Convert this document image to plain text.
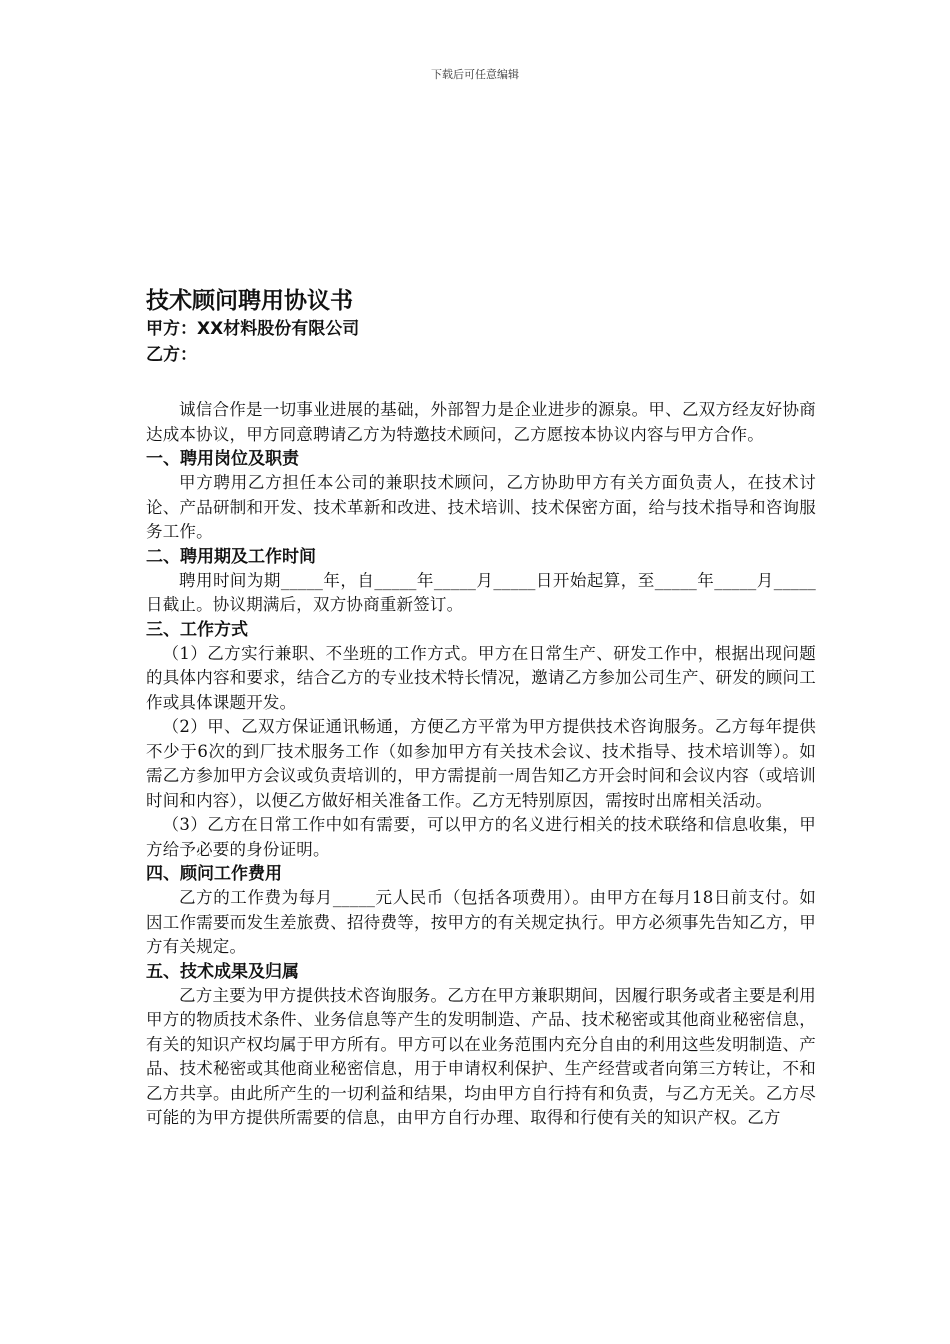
下载后可任意编辑
技术顾问聘用协议书

甲方：XX材料股份有限公司

乙方：

诚信合作是一切事业进展的基础，外部智力是企业进步的源泉。甲、乙双方经友好协商达成本协议，甲方同意聘请乙方为特邀技术顾问，乙方愿按本协议内容与甲方合作。

一、聘用岗位及职责

甲方聘用乙方担任本公司的兼职技术顾问，乙方协助甲方有关方面负责人，在技术讨论、产品研制和开发、技术革新和改进、技术培训、技术保密方面，给与技术指导和咨询服务工作。

二、聘用期及工作时间

聘用时间为期_____年，自_____年_____月_____日开始起算，至_____年_____月_____日截止。协议期满后，双方协商重新签订。

三、工作方式

（1）乙方实行兼职、不坐班的工作方式。甲方在日常生产、研发工作中，根据出现问题的具体内容和要求，结合乙方的专业技术特长情况，邀请乙方参加公司生产、研发的顾问工作或具体课题开发。

（2）甲、乙双方保证通讯畅通，方便乙方平常为甲方提供技术咨询服务。乙方每年提供不少于6次的到厂技术服务工作（如参加甲方有关技术会议、技术指导、技术培训等）。如需乙方参加甲方会议或负责培训的，甲方需提前一周告知乙方开会时间和会议内容（或培训时间和内容），以便乙方做好相关准备工作。乙方无特别原因，需按时出席相关活动。

（3）乙方在日常工作中如有需要，可以甲方的名义进行相关的技术联络和信息收集，甲方给予必要的身份证明。

四、顾问工作费用

乙方的工作费为每月_____元人民币（包括各项费用）。由甲方在每月18日前支付。如因工作需要而发生差旅费、招待费等，按甲方的有关规定执行。甲方必须事先告知乙方，甲方有关规定。

五、技术成果及归属

乙方主要为甲方提供技术咨询服务。乙方在甲方兼职期间，因履行职务或者主要是利用甲方的物质技术条件、业务信息等产生的发明制造、产品、技术秘密或其他商业秘密信息，有关的知识产权均属于甲方所有。甲方可以在业务范围内充分自由的利用这些发明制造、产品、技术秘密或其他商业秘密信息，用于申请权利保护、生产经营或者向第三方转让，不和乙方共享。由此所产生的一切利益和结果，均由甲方自行持有和负责，与乙方无关。乙方尽可能的为甲方提供所需要的信息，由甲方自行办理、取得和行使有关的知识产权。乙方
